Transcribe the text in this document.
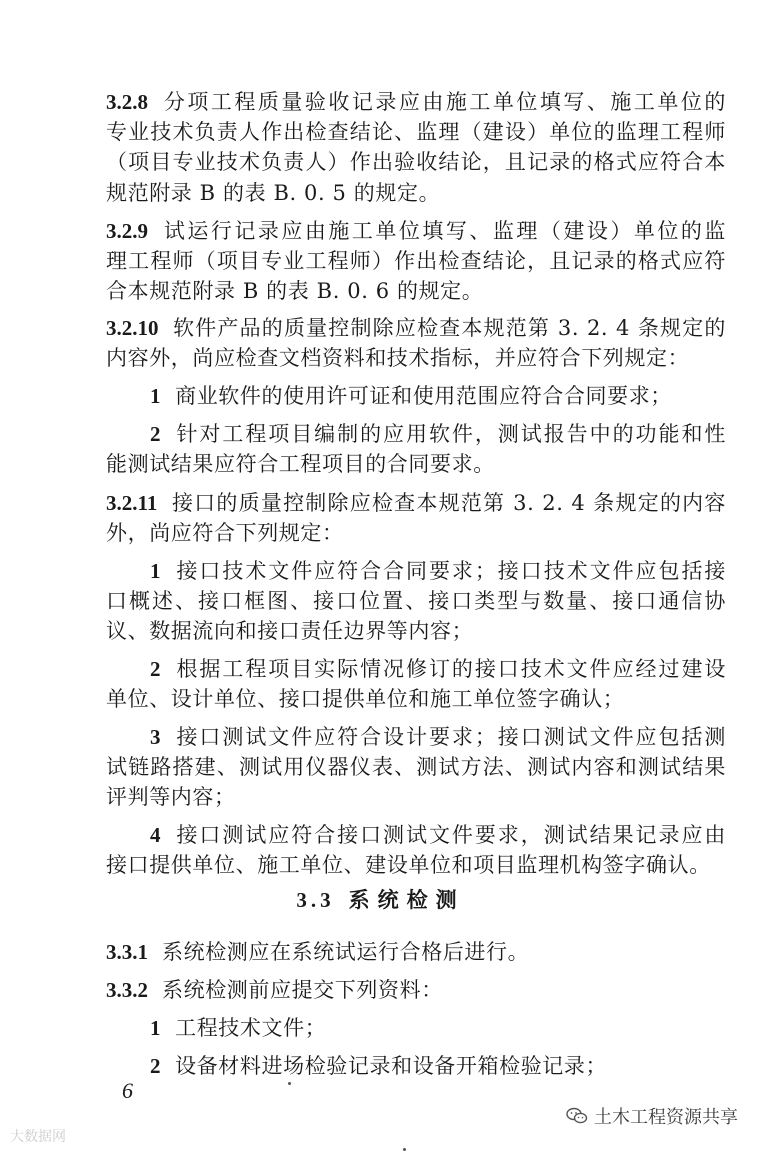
3.2.8 分项工程质量验收记录应由施工单位填写、施工单位的
专业技术负责人作出检查结论、监理（建设）单位的监理工程师
（项目专业技术负责人）作出验收结论，且记录的格式应符合本
规范附录 B 的表 B. 0. 5 的规定。
3.2.9 试运行记录应由施工单位填写、监理（建设）单位的监
理工程师（项目专业工程师）作出检查结论，且记录的格式应符
合本规范附录 B 的表 B. 0. 6 的规定。
3.2.10 软件产品的质量控制除应检查本规范第 3. 2. 4 条规定的
内容外，尚应检查文档资料和技术指标，并应符合下列规定：
1 商业软件的使用许可证和使用范围应符合合同要求；
2 针对工程项目编制的应用软件，测试报告中的功能和性
能测试结果应符合工程项目的合同要求。
3.2.11 接口的质量控制除应检查本规范第 3. 2. 4 条规定的内容
外，尚应符合下列规定：
1 接口技术文件应符合合同要求；接口技术文件应包括接
口概述、接口框图、接口位置、接口类型与数量、接口通信协
议、数据流向和接口责任边界等内容；
2 根据工程项目实际情况修订的接口技术文件应经过建设
单位、设计单位、接口提供单位和施工单位签字确认；
3 接口测试文件应符合设计要求；接口测试文件应包括测
试链路搭建、测试用仪器仪表、测试方法、测试内容和测试结果
评判等内容；
4 接口测试应符合接口测试文件要求，测试结果记录应由
接口提供单位、施工单位、建设单位和项目监理机构签字确认。
3.3.1 系统检测应在系统试运行合格后进行。
3.3.2 系统检测前应提交下列资料：
1 工程技术文件；
2 设备材料进场检验记录和设备开箱检验记录；
3.3 系统检测
6
土木工程资源共享
大数据网
